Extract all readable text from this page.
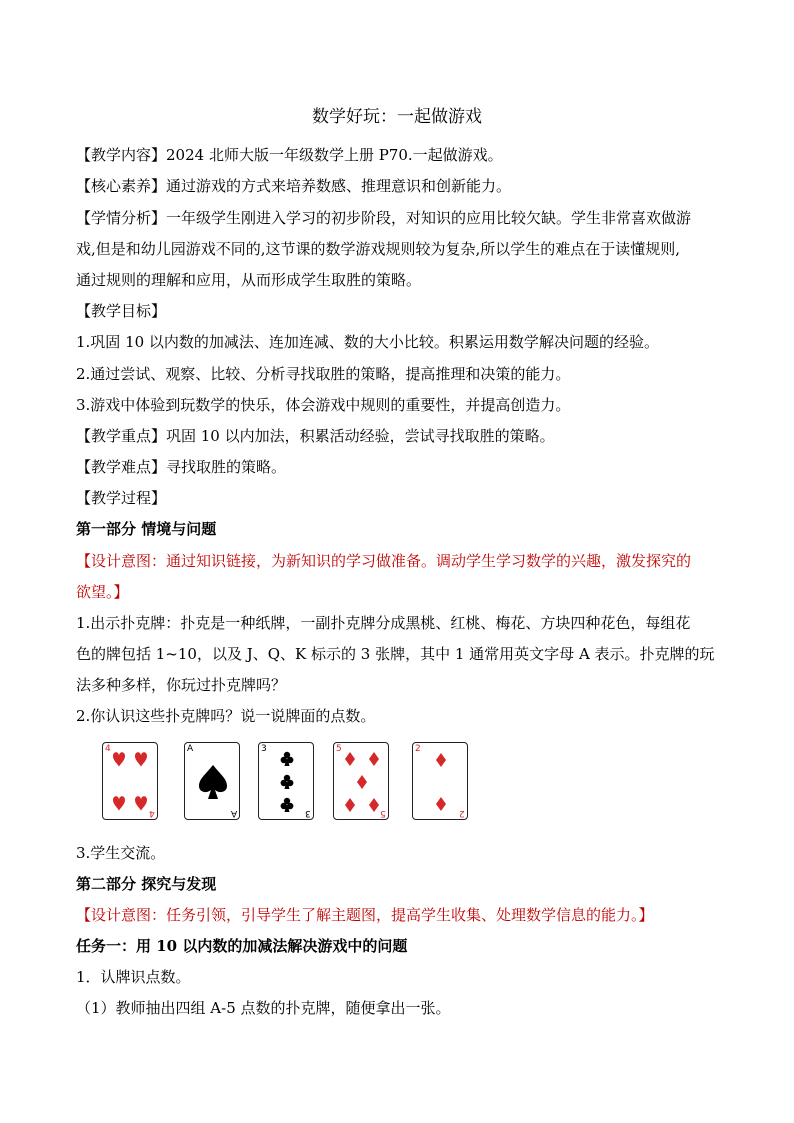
数学好玩：一起做游戏
【教学内容】2024 北师大版一年级数学上册 P70.一起做游戏。
【核心素养】通过游戏的方式来培养数感、推理意识和创新能力。
【学情分析】一年级学生刚进入学习的初步阶段，对知识的应用比较欠缺。学生非常喜欢做游
戏,但是和幼儿园游戏不同的,这节课的数学游戏规则较为复杂,所以学生的难点在于读懂规则,
通过规则的理解和应用，从而形成学生取胜的策略。
【教学目标】
1.巩固 10 以内数的加减法、连加连减、数的大小比较。积累运用数学解决问题的经验。
2.通过尝试、观察、比较、分析寻找取胜的策略，提高推理和决策的能力。
3.游戏中体验到玩数学的快乐，体会游戏中规则的重要性，并提高创造力。
【教学重点】巩固 10 以内加法，积累活动经验，尝试寻找取胜的策略。
【教学难点】寻找取胜的策略。
【教学过程】
第一部分 情境与问题
【设计意图：通过知识链接，为新知识的学习做准备。调动学生学习数学的兴趣，激发探究的
欲望。】
1.出示扑克牌：扑克是一种纸牌，一副扑克牌分成黑桃、红桃、梅花、方块四种花色，每组花
色的牌包括 1~10，以及 J、Q、K 标示的 3 张牌，其中 1 通常用英文字母 A 表示。扑克牌的玩
法多种多样，你玩过扑克牌吗？
2.你认识这些扑克牌吗？说一说牌面的点数。
4
4
A
A
3
3
5
5
2
2
3.学生交流。
第二部分 探究与发现
【设计意图：任务引领，引导学生了解主题图，提高学生收集、处理数学信息的能力。】
任务一：用 10 以内数的加减法解决游戏中的问题
1．认牌识点数。
（1）教师抽出四组 A-5 点数的扑克牌，随便拿出一张。
